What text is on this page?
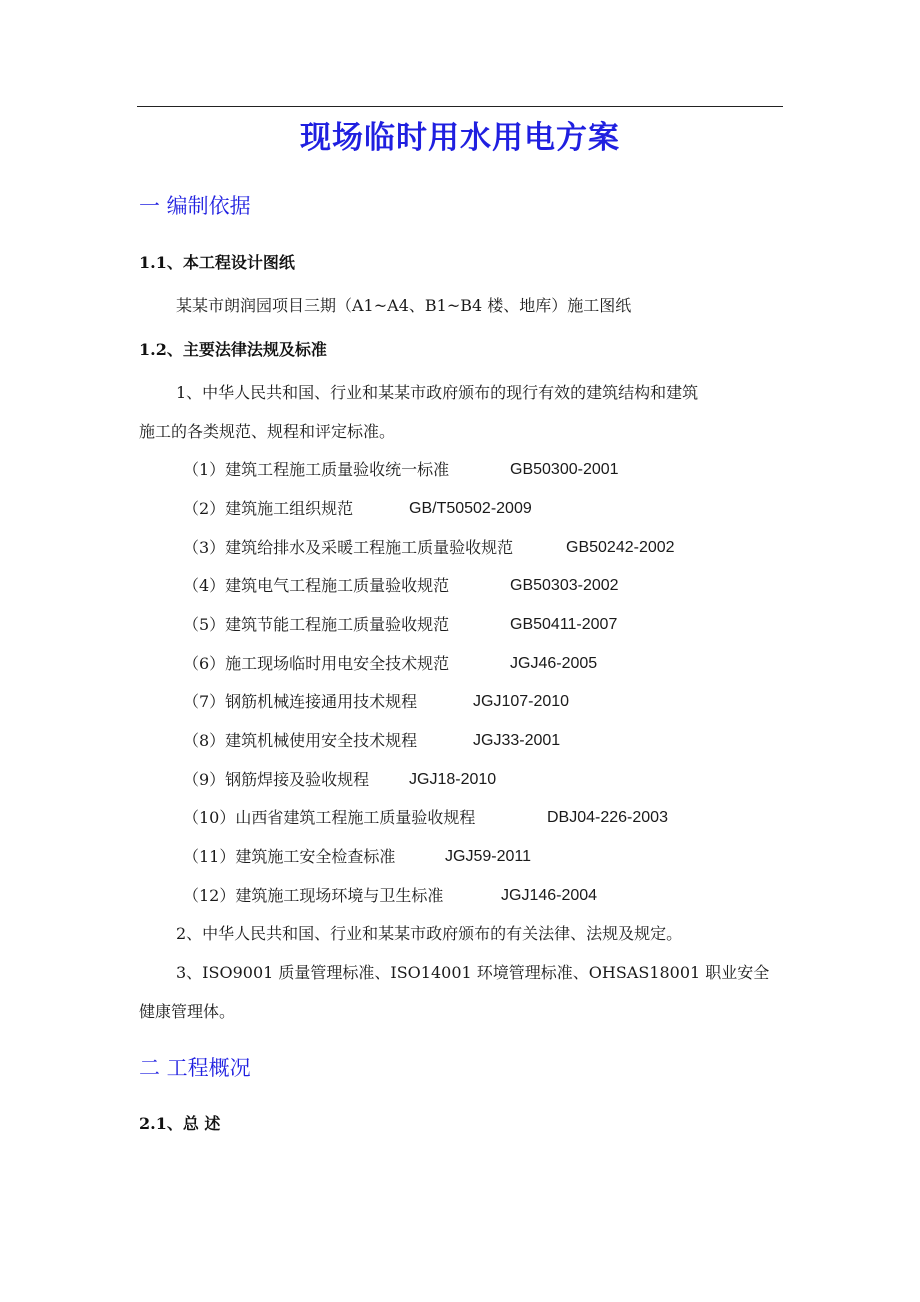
现场临时用水用电方案
一 编制依据
1.1、本工程设计图纸
某某市朗润园项目三期（A1~A4、B1~B4 楼、地库）施工图纸
1.2、主要法律法规及标准
1、中华人民共和国、行业和某某市政府颁布的现行有效的建筑结构和建筑
施工的各类规范、规程和评定标准。
（1）建筑工程施工质量验收统一标准	GB50300-2001
（2）建筑施工组织规范	GB/T50502-2009
（3）建筑给排水及采暖工程施工质量验收规范	GB50242-2002
（4）建筑电气工程施工质量验收规范	GB50303-2002
（5）建筑节能工程施工质量验收规范	GB50411-2007
（6）施工现场临时用电安全技术规范	JGJ46-2005
（7）钢筋机械连接通用技术规程	JGJ107-2010
（8）建筑机械使用安全技术规程	JGJ33-2001
（9）钢筋焊接及验收规程 JGJ18-2010
（10）山西省建筑工程施工质量验收规程	DBJ04-226-2003
（11）建筑施工安全检查标准	JGJ59-2011
（12）建筑施工现场环境与卫生标准	JGJ146-2004
2、中华人民共和国、行业和某某市政府颁布的有关法律、法规及规定。
3、ISO9001 质量管理标准、ISO14001 环境管理标准、OHSAS18001 职业安全
健康管理体。
二 工程概况
2.1、总 述
